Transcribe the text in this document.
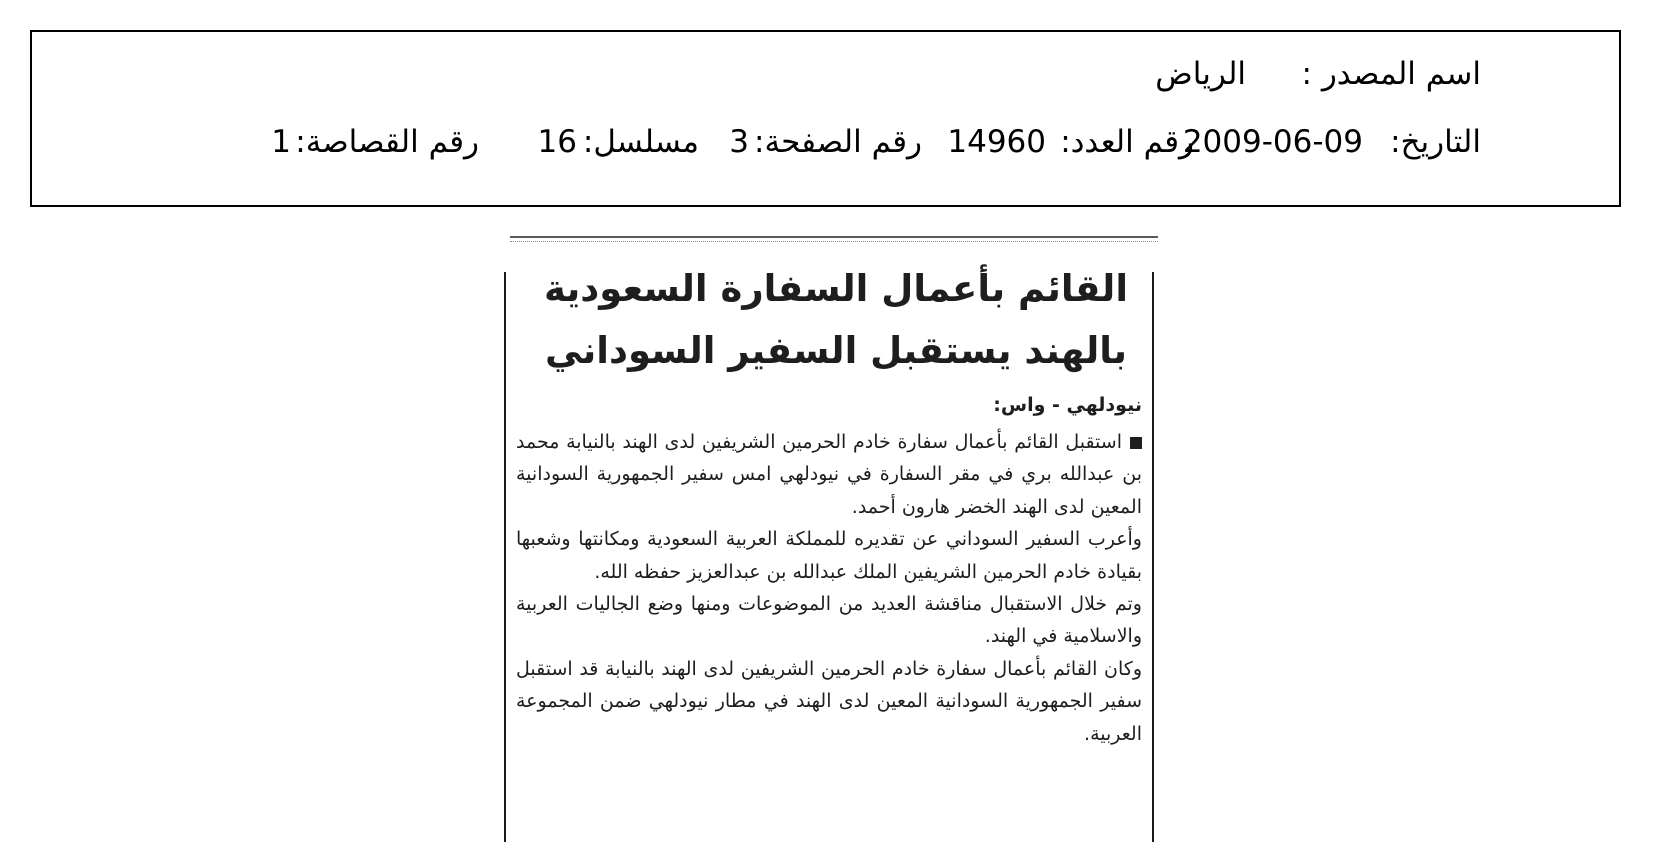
اسم المصدر :
الرياض
التاريخ:
2009-06-09
رقم العدد:
14960
رقم الصفحة:
3
مسلسل:
16
رقم القصاصة:
1
القائم بأعمال السفارة السعودية
بالهند يستقبل السفير السوداني
نيودلهي - واس:

استقبل القائم بأعمال سفارة خادم الحرمين الشريفين لدى الهند بالنيابة محمد بن عبدالله بري في مقر السفارة في نيودلهي امس سفير الجمهورية السودانية المعين لدى الهند الخضر هارون أحمد.

وأعرب السفير السوداني عن تقديره للمملكة العربية السعودية ومكانتها وشعبها بقيادة خادم الحرمين الشريفين الملك عبدالله بن عبدالعزيز حفظه الله.

وتم خلال الاستقبال مناقشة العديد من الموضوعات ومنها وضع الجاليات العربية والاسلامية في الهند.

وكان القائم بأعمال سفارة خادم الحرمين الشريفين لدى الهند بالنيابة قد استقبل سفير الجمهورية السودانية المعين لدى الهند في مطار نيودلهي ضمن المجموعة العربية.
